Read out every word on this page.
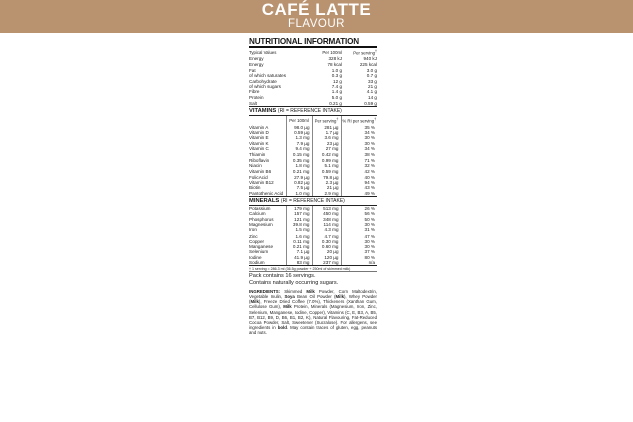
CAFÉ LATTE
FLAVOUR
NUTRITIONAL INFORMATION
Typical Values	Per 100ml	Per serving†
Energy	328 kJ	940 kJ
Energy	78 kcal	225 kcal
Fat	1.0 g	3.0 g
of which saturates	0.3 g	0.7 g
Carbohydrate	12 g	33 g
of which sugars	7.4 g	21 g
Fibre	1.4 g	4.1 g
Protein	5.0 g	14 g
Salt	0.21 g	0.59 g
VITAMINS (RI = REFERENCE INTAKE)
	Per 100ml	Per serving†	% RI per serving†
Vitamin A	98.0 µg	281 µg	35 %
Vitamin D	0.59 µg	1.7 µg	34 %
Vitamin E	1.3 mg	3.6 mg	30 %
Vitamin K	7.9 µg	23 µg	30 %
Vitamin C	9.4 mg	27 mg	34 %
Thiamin	0.15 mg	0.42 mg	38 %
Riboflavin	0.35 mg	0.99 mg	71 %
Niacin	1.8 mg	5.1 mg	32 %
Vitamin B6	0.21 mg	0.59 mg	42 %
FolicAcid	27.9 µg	79.8 µg	40 %
Vitamin B12	0.82 µg	2.3 µg	94 %
Biotin	7.5 µg	21 µg	43 %
Pantothenic Acid	1.0 mg	2.9 mg	49 %
MINERALS (RI = REFERENCE INTAKE)
Potassium	179 mg	513 mg	26 %
Calcium	157 mg	450 mg	56 %
Phosphorus	121 mg	348 mg	50 %
Magnesium	39.8 mg	114 mg	30 %
Iron	1.5 mg	4.3 mg	31 %
Zinc	1.6 mg	4.7 mg	47 %
Copper	0.11 mg	0.30 mg	30 %
Manganese	0.21 mg	0.60 mg	30 %
Selenium	7.1 µg	20 µg	37 %
Iodine	41.9 µg	120 µg	80 %
Sodium	83 mg	237 mg	n/a
† 1 serving = 286.3 ml (36.5g powder + 250ml of skimmed milk)
Pack contains 16 servings.
Contains naturally occurring sugars.
INGREDIENTS: Skimmed Milk Powder, Corn Maltodextrin, Vegetable Inulin, Soya Bean Oil Powder (Milk), Whey Powder (Milk), Freeze Dried Coffee (7.0%), Thickeners (Xanthan Gum, Cellulose Gum), Milk Protein, Minerals (Magnesium, Iron, Zinc, Selenium, Manganese, Iodine, Copper), Vitamins (C, E, B3, A, B5, B7, B12, B9, D, B6, B1, B2, K), Natural Flavouring, Fat-Reduced Cocoa Powder, Salt, Sweetener (Sucralose). For allergens, see ingredients in bold. May contain traces of gluten, egg, peanuts and nuts.
